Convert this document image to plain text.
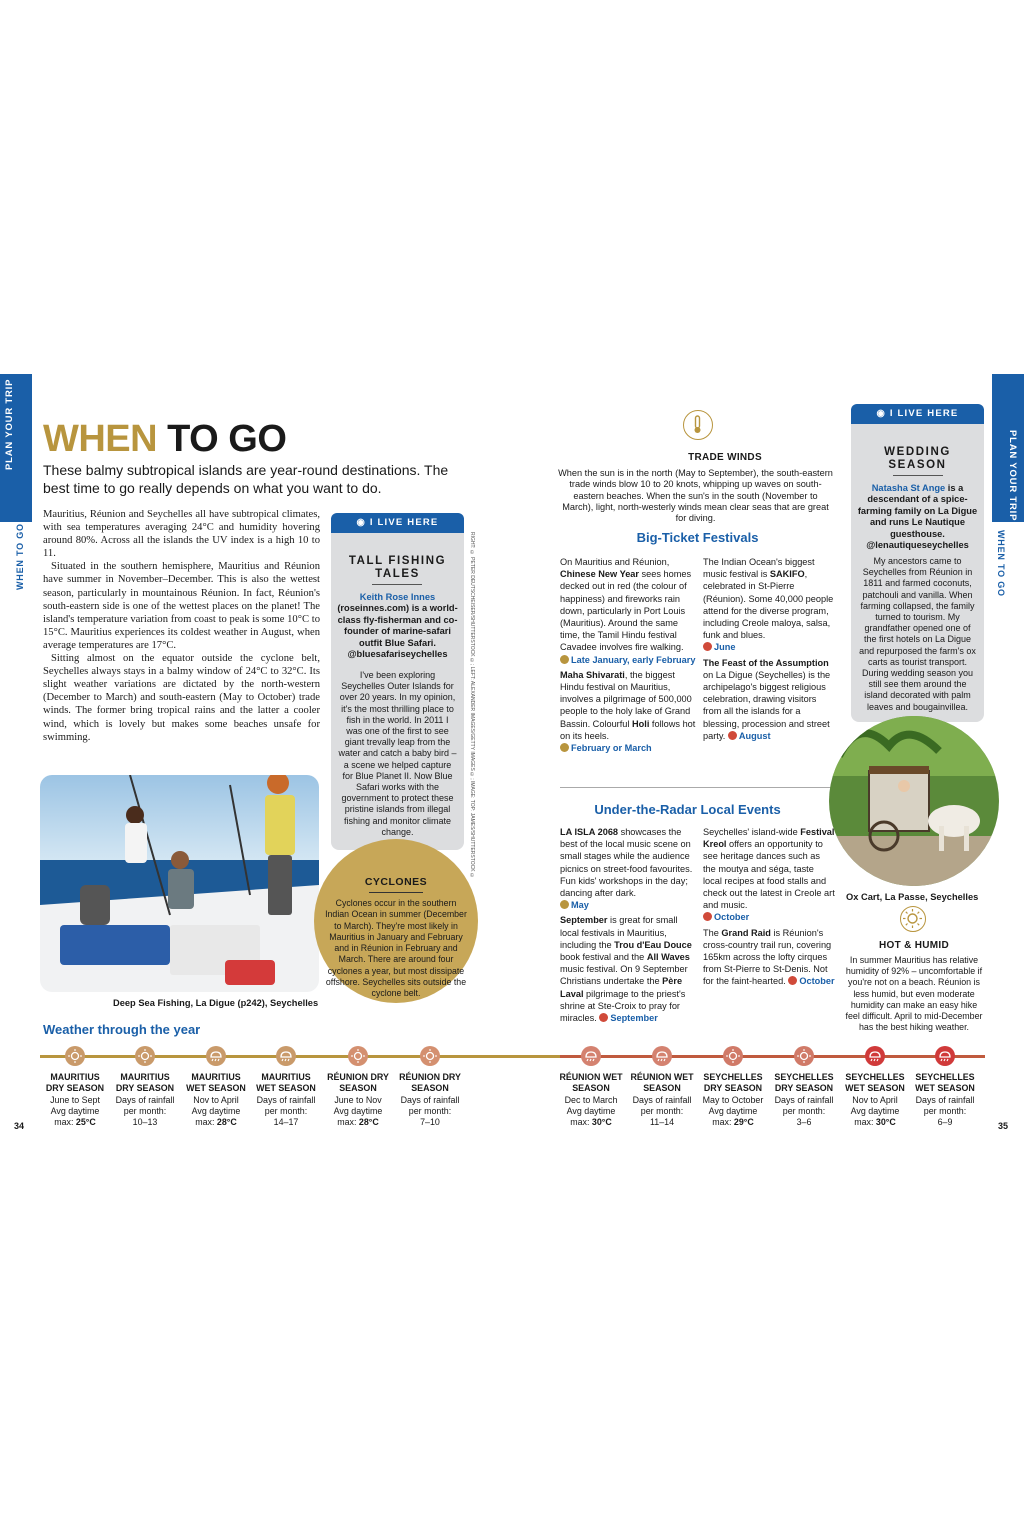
PLAN YOUR TRIP
WHEN TO GO
PLAN YOUR TRIP
WHEN TO GO
WHEN TO GO
These balmy subtropical islands are year-round destinations. The best time to go really depends on what you want to do.

Mauritius, Réunion and Seychelles all have subtropical climates, with sea temperatures averaging 24°C and humidity hovering around 80%. Across all the islands the UV index is a high 10 to 11.

Situated in the southern hemisphere, Mauritius and Réunion have summer in November–December. This is also the wettest season, particularly in mountainous Réunion. In fact, Réunion's south-eastern side is one of the wettest places on the planet! The island's temperature variation from coast to peak is some 10°C to 15°C. Mauritius experiences its coldest weather in August, when average temperatures are 17°C.

Sitting almost on the equator outside the cyclone belt, Seychelles always stays in a balmy window of 24°C to 32°C. Its slight weather variations are dictated by the north-western (December to March) and south-eastern (May to October) trade winds. The former bring tropical rains and the latter a cooler wind, which is lovely but makes some beaches unsafe for swimming.

◉ I LIVE HERE
TALL FISHING TALES
Keith Rose Innes (roseinnes.com) is a world-class fly-fisherman and co-founder of marine-safari outfit Blue Safari. @bluesafariseychelles
I've been exploring Seychelles Outer Islands for over 20 years. In my opinion, it's the most thrilling place to fish in the world. In 2011 I was one of the first to see giant trevally leap from the water and catch a baby bird – a scene we helped capture for Blue Planet II. Now Blue Safari works with the government to protect these pristine islands from illegal fishing and monitor climate change.	RIGHT: © PETER DEUTSCHEISER/SHUTTERSTOCK ©; LEFT: ALEXANDER IMAGES/GETTY IMAGES ©; IMAGE: TOP: JAMES/SHUTTERSTOCK ©
Deep Sea Fishing, La Digue (p242), Seychelles
CYCLONES
Cyclones occur in the southern Indian Ocean in summer (December to March). They're most likely in Mauritius in January and February and in Réunion in February and March. There are around four cyclones a year, but most dissipate offshore. Seychelles sits outside the cyclone belt.
TRADE WINDS
When the sun is in the north (May to September), the south-eastern trade winds blow 10 to 20 knots, whipping up waves on south-eastern beaches. When the sun's in the south (November to March), light, north-westerly winds mean clear seas that are great for diving.
Big-Ticket Festivals

On Mauritius and Réunion, Chinese New Year sees homes decked out in red (the colour of happiness) and fireworks rain down, particularly in Port Louis (Mauritius). Around the same time, the Tamil Hindu festival Cavadee involves fire walking.
Late January, early February

Maha Shivarati, the biggest Hindu festival on Mauritius, involves a pilgrimage of 500,000 people to the holy lake of Grand Bassin. Colourful Holi follows hot on its heels.
February or March

The Indian Ocean's biggest music festival is SAKIFO, celebrated in St-Pierre (Réunion). Some 40,000 people attend for the diverse program, including Creole maloya, salsa, funk and blues.
June

The Feast of the Assumption on La Digue (Seychelles) is the archipelago's biggest religious celebration, drawing visitors from all the islands for a blessing, procession and street party. August

Under-the-Radar Local Events

LA ISLA 2068 showcases the best of the local music scene on small stages while the audience picnics on street-food favourites. Fun kids' workshops in the day; dancing after dark.
May

September is great for small local festivals in Mauritius, including the Trou d'Eau Douce book festival and the All Waves music festival. On 9 September Christians undertake the Père Laval pilgrimage to the priest's shrine at Ste-Croix to pray for miracles. September

Seychelles' island-wide Festival Kreol offers an opportunity to see heritage dances such as the moutya and séga, taste local recipes at food stalls and check out the latest in Creole art and music.
October

The Grand Raid is Réunion's cross-country trail run, covering 165km across the lofty cirques from St-Pierre to St-Denis. Not for the faint-hearted. October

◉ I LIVE HERE
WEDDING SEASON
Natasha St Ange is a descendant of a spice-farming family on La Digue and runs Le Nautique guesthouse. @lenautiqueseychelles
My ancestors came to Seychelles from Réunion in 1811 and farmed coconuts, patchouli and vanilla. When farming collapsed, the family turned to tourism. My grandfather opened one of the first hotels on La Digue and repurposed the farm's ox carts as tourist transport. During wedding season you still see them around the island decorated with palm leaves and bougainvillea.
Ox Cart, La Passe, Seychelles
HOT & HUMID
In summer Mauritius has relative humidity of 92% – uncomfortable if you're not on a beach. Réunion is less humid, but even moderate humidity can make an easy hike feel difficult. April to mid-December has the best hiking weather.
Weather through the year
MAURITIUS DRY SEASON
June to Sept
Avg daytime
max: 25°C
MAURITIUS DRY SEASON
Days of rainfall
per month:
10–13
MAURITIUS WET SEASON
Nov to April
Avg daytime
max: 28°C
MAURITIUS WET SEASON
Days of rainfall
per month:
14–17
RÉUNION DRY SEASON
June to Nov
Avg daytime
max: 28°C
RÉUNION DRY SEASON
Days of rainfall
per month:
7–10
RÉUNION WET SEASON
Dec to March
Avg daytime
max: 30°C
RÉUNION WET SEASON
Days of rainfall
per month:
11–14
SEYCHELLES DRY SEASON
May to October
Avg daytime
max: 29°C
SEYCHELLES DRY SEASON
Days of rainfall
per month:
3–6
SEYCHELLES WET SEASON
Nov to April
Avg daytime
max: 30°C
SEYCHELLES WET SEASON
Days of rainfall
per month:
6–9
34	35
